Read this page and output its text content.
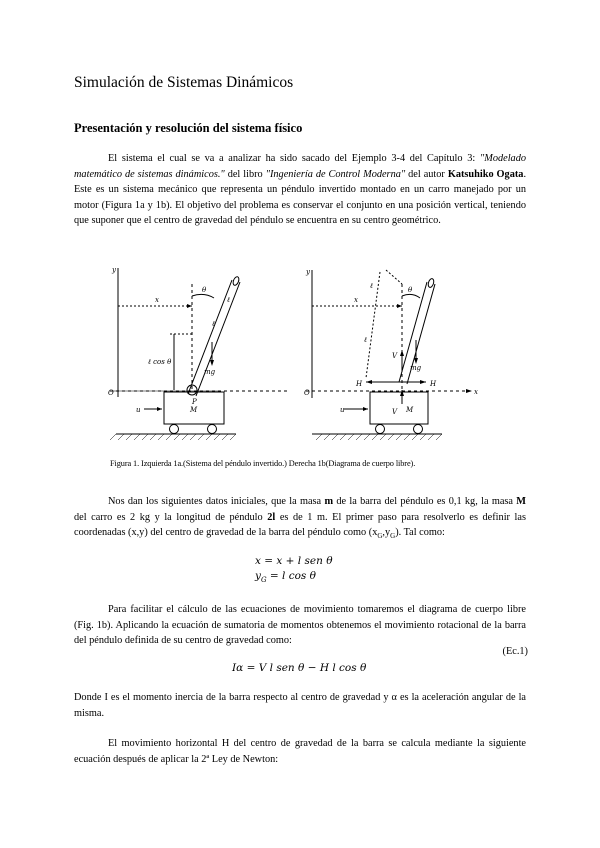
Simulación de Sistemas Dinámicos
Presentación y resolución del sistema físico

El sistema el cual se va a analizar ha sido sacado del Ejemplo 3-4 del Capítulo 3: "Modelado matemático de sistemas dinámicos." del libro "Ingeniería de Control Moderna" del autor Katsuhiko Ogata. Este es un sistema mecánico que representa un péndulo invertido montado en un carro manejado por un motor (Figura 1a y 1b). El objetivo del problema es conservar el conjunto en una posición vertical, teniendo que suponer que el centro de gravedad del péndulo se encuentra en su centro geométrico.

y
x
θ
ℓ
ℓ
ℓ cos θ
mg
P
O
u	M
y
x
x
θ
ℓ
ℓ
V
mg
H	H
O
u	V M
Figura 1. Izquierda 1a.(Sistema del péndulo invertido.) Derecha 1b(Diagrama de cuerpo libre).

Nos dan los siguientes datos iniciales, que la masa m de la barra del péndulo es 0,1 kg, la masa M del carro es 2 kg y la longitud de péndulo 2l es de 1 m. El primer paso para resolverlo es definir las coordenadas (x,y) del centro de gravedad de la barra del péndulo como $(x_G,y_G)$. Tal como:

x = x + l sen θ
$y_G = l$ cos θ

Para facilitar el cálculo de las ecuaciones de movimiento tomaremos el diagrama de cuerpo libre (Fig. 1b). Aplicando la ecuación de sumatoria de momentos obtenemos el movimiento rotacional de la barra del péndulo definida de su centro de gravedad como:

(Ec.1)
Iα = V l sen θ − H l cos θ

Donde I es el momento inercia de la barra respecto al centro de gravedad y α es la aceleración angular de la misma.

El movimiento horizontal H del centro de gravedad de la barra se calcula mediante la siguiente ecuación después de aplicar la 2ª Ley de Newton:
